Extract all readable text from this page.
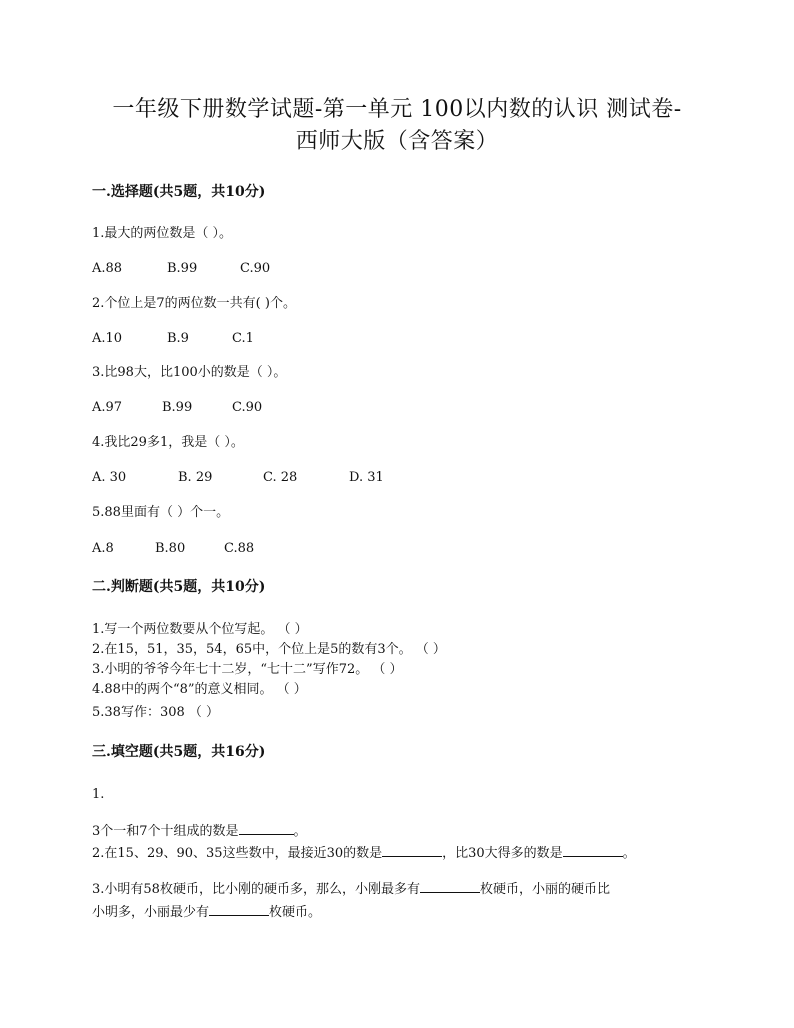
一年级下册数学试题-第一单元 100以内数的认识 测试卷-
西师大版（含答案）
一.选择题(共5题，共10分)
1.最大的两位数是（ ）。
A.88	B.99	C.90
2.个位上是7的两位数一共有( )个。
A.10	B.9	C.1
3.比98大，比100小的数是（ ）。
A.97	B.99	C.90
4.我比29多1，我是（ ）。
A. 30	B. 29	C. 28	D. 31
5.88里面有（ ）个一。
A.8	B.80	C.88
二.判断题(共5题，共10分)
1.写一个两位数要从个位写起。 （ ）
2.在15，51，35，54，65中，个位上是5的数有3个。 （ ）
3.小明的爷爷今年七十二岁，“七十二”写作72。 （ ）
4.88中的两个“8”的意义相同。 （ ）
5.38写作：308 （ ）
三.填空题(共5题，共16分)
1.
3个一和7个十组成的数是	。
2.在15、29、90、35这些数中，最接近30的数是	，比30大得多的数是	。
3.小明有58枚硬币，比小刚的硬币多，那么，小刚最多有	枚硬币，小丽的硬币比
小明多，小丽最少有	枚硬币。
